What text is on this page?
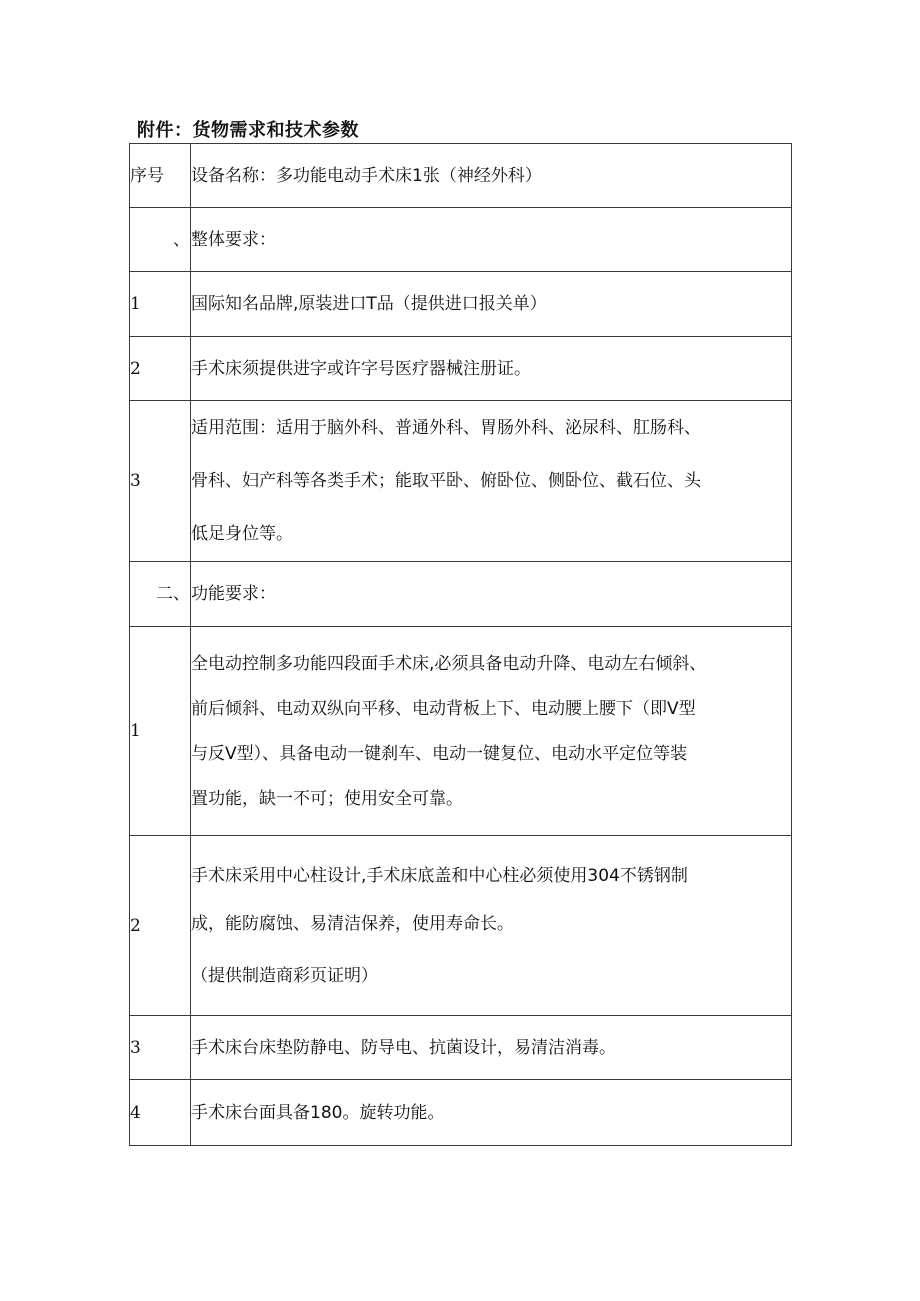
附件：货物需求和技术参数
序号	设备名称：多功能电动手术床1张（神经外科）
、	整体要求：
1	国际知名品牌,原装进口T品（提供进口报关单）

2	手术床须提供进字或许字号医疗器械注册证。

3	适用范围：适用于脑外科、普通外科、胃肠外科、泌尿科、肛肠科、

骨科、妇产科等各类手术；能取平卧、俯卧位、侧卧位、截石位、头

低足身位等。

二、	功能要求：
1	全电动控制多功能四段面手术床,必须具备电动升降、电动左右倾斜、

前后倾斜、电动双纵向平移、电动背板上下、电动腰上腰下（即V型

与反V型）、具备电动一键刹车、电动一键复位、电动水平定位等装

置功能，缺一不可；使用安全可靠。

2	手术床采用中心柱设计,手术床底盖和中心柱必须使用304不锈钢制

成，能防腐蚀、易清洁保养，使用寿命长。

（提供制造商彩页证明）

3	手术床台床垫防静电、防导电、抗菌设计，易清洁消毒。

4	手术床台面具备180。旋转功能。
